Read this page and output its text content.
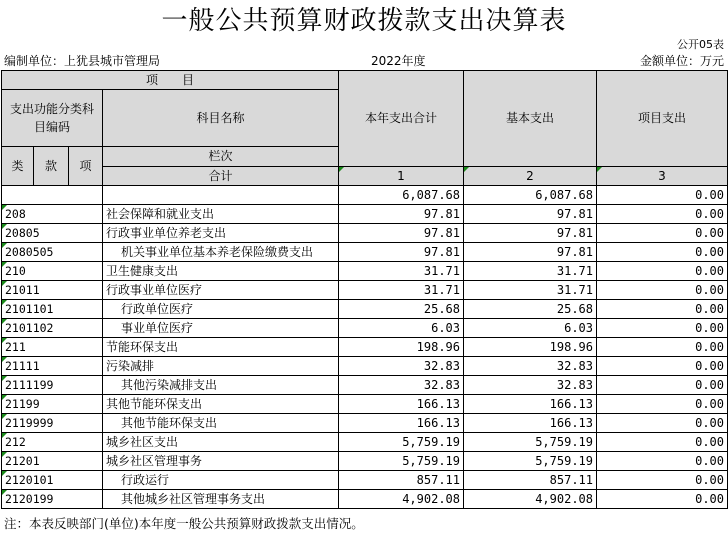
一般公共预算财政拨款支出决算表
公开05表
编制单位：上犹县城市管理局	2022年度	金额单位：万元
项　　目				本年支出合计	基本支出	项目支出
支出功能分类科目编码			科目名称			

类	款	项	栏次			
			合计	1	2	3
				6,087.68	6,087.68	0.00
208			社会保障和就业支出	97.81	97.81	0.00
20805			行政事业单位养老支出	97.81	97.81	0.00
2080505			机关事业单位基本养老保险缴费支出	97.81	97.81	0.00
210			卫生健康支出	31.71	31.71	0.00
21011			行政事业单位医疗	31.71	31.71	0.00
2101101			行政单位医疗	25.68	25.68	0.00
2101102			事业单位医疗	6.03	6.03	0.00
211			节能环保支出	198.96	198.96	0.00
21111			污染减排	32.83	32.83	0.00
2111199			其他污染减排支出	32.83	32.83	0.00
21199			其他节能环保支出	166.13	166.13	0.00
2119999			其他节能环保支出	166.13	166.13	0.00
212			城乡社区支出	5,759.19	5,759.19	0.00
21201			城乡社区管理事务	5,759.19	5,759.19	0.00
2120101			行政运行	857.11	857.11	0.00
2120199			其他城乡社区管理事务支出	4,902.08	4,902.08	0.00
注：本表反映部门(单位)本年度一般公共预算财政拨款支出情况。
